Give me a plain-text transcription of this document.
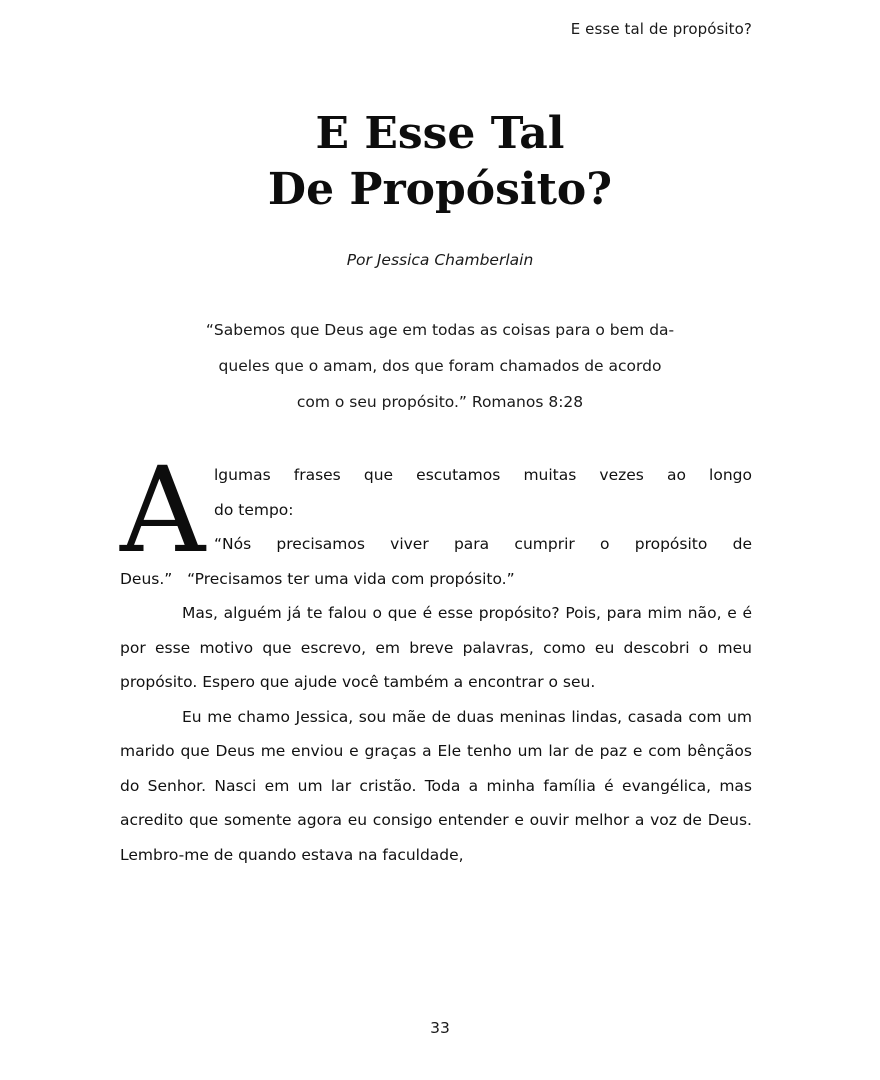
E esse tal de propósito?
E Esse Tal
De Propósito?
Por Jessica Chamberlain
“Sabemos que Deus age em todas as coisas para o bem da-
queles que o amam, dos que foram chamados de acordo
com o seu propósito.” Romanos 8:28
A lgumas frases que escutamos muitas vezes ao longo
do tempo:
“Nós precisamos viver para cumprir o propósito de
Deus.”   “Precisamos ter uma vida com propósito.”

Mas, alguém já te falou o que é esse propósito? Pois, para mim não, e é por esse motivo que escrevo, em breve palavras, como eu descobri o meu propósito. Espero que ajude você também a encontrar o seu.

Eu me chamo Jessica, sou mãe de duas meninas lindas, casada com um marido que Deus me enviou e graças a Ele tenho um lar de paz e com bênçãos do Senhor. Nasci em um lar cristão. Toda a minha família é evangélica, mas acredito que somente agora eu consigo entender e ouvir melhor a voz de Deus. Lembro-me de quando estava na faculdade,

33
